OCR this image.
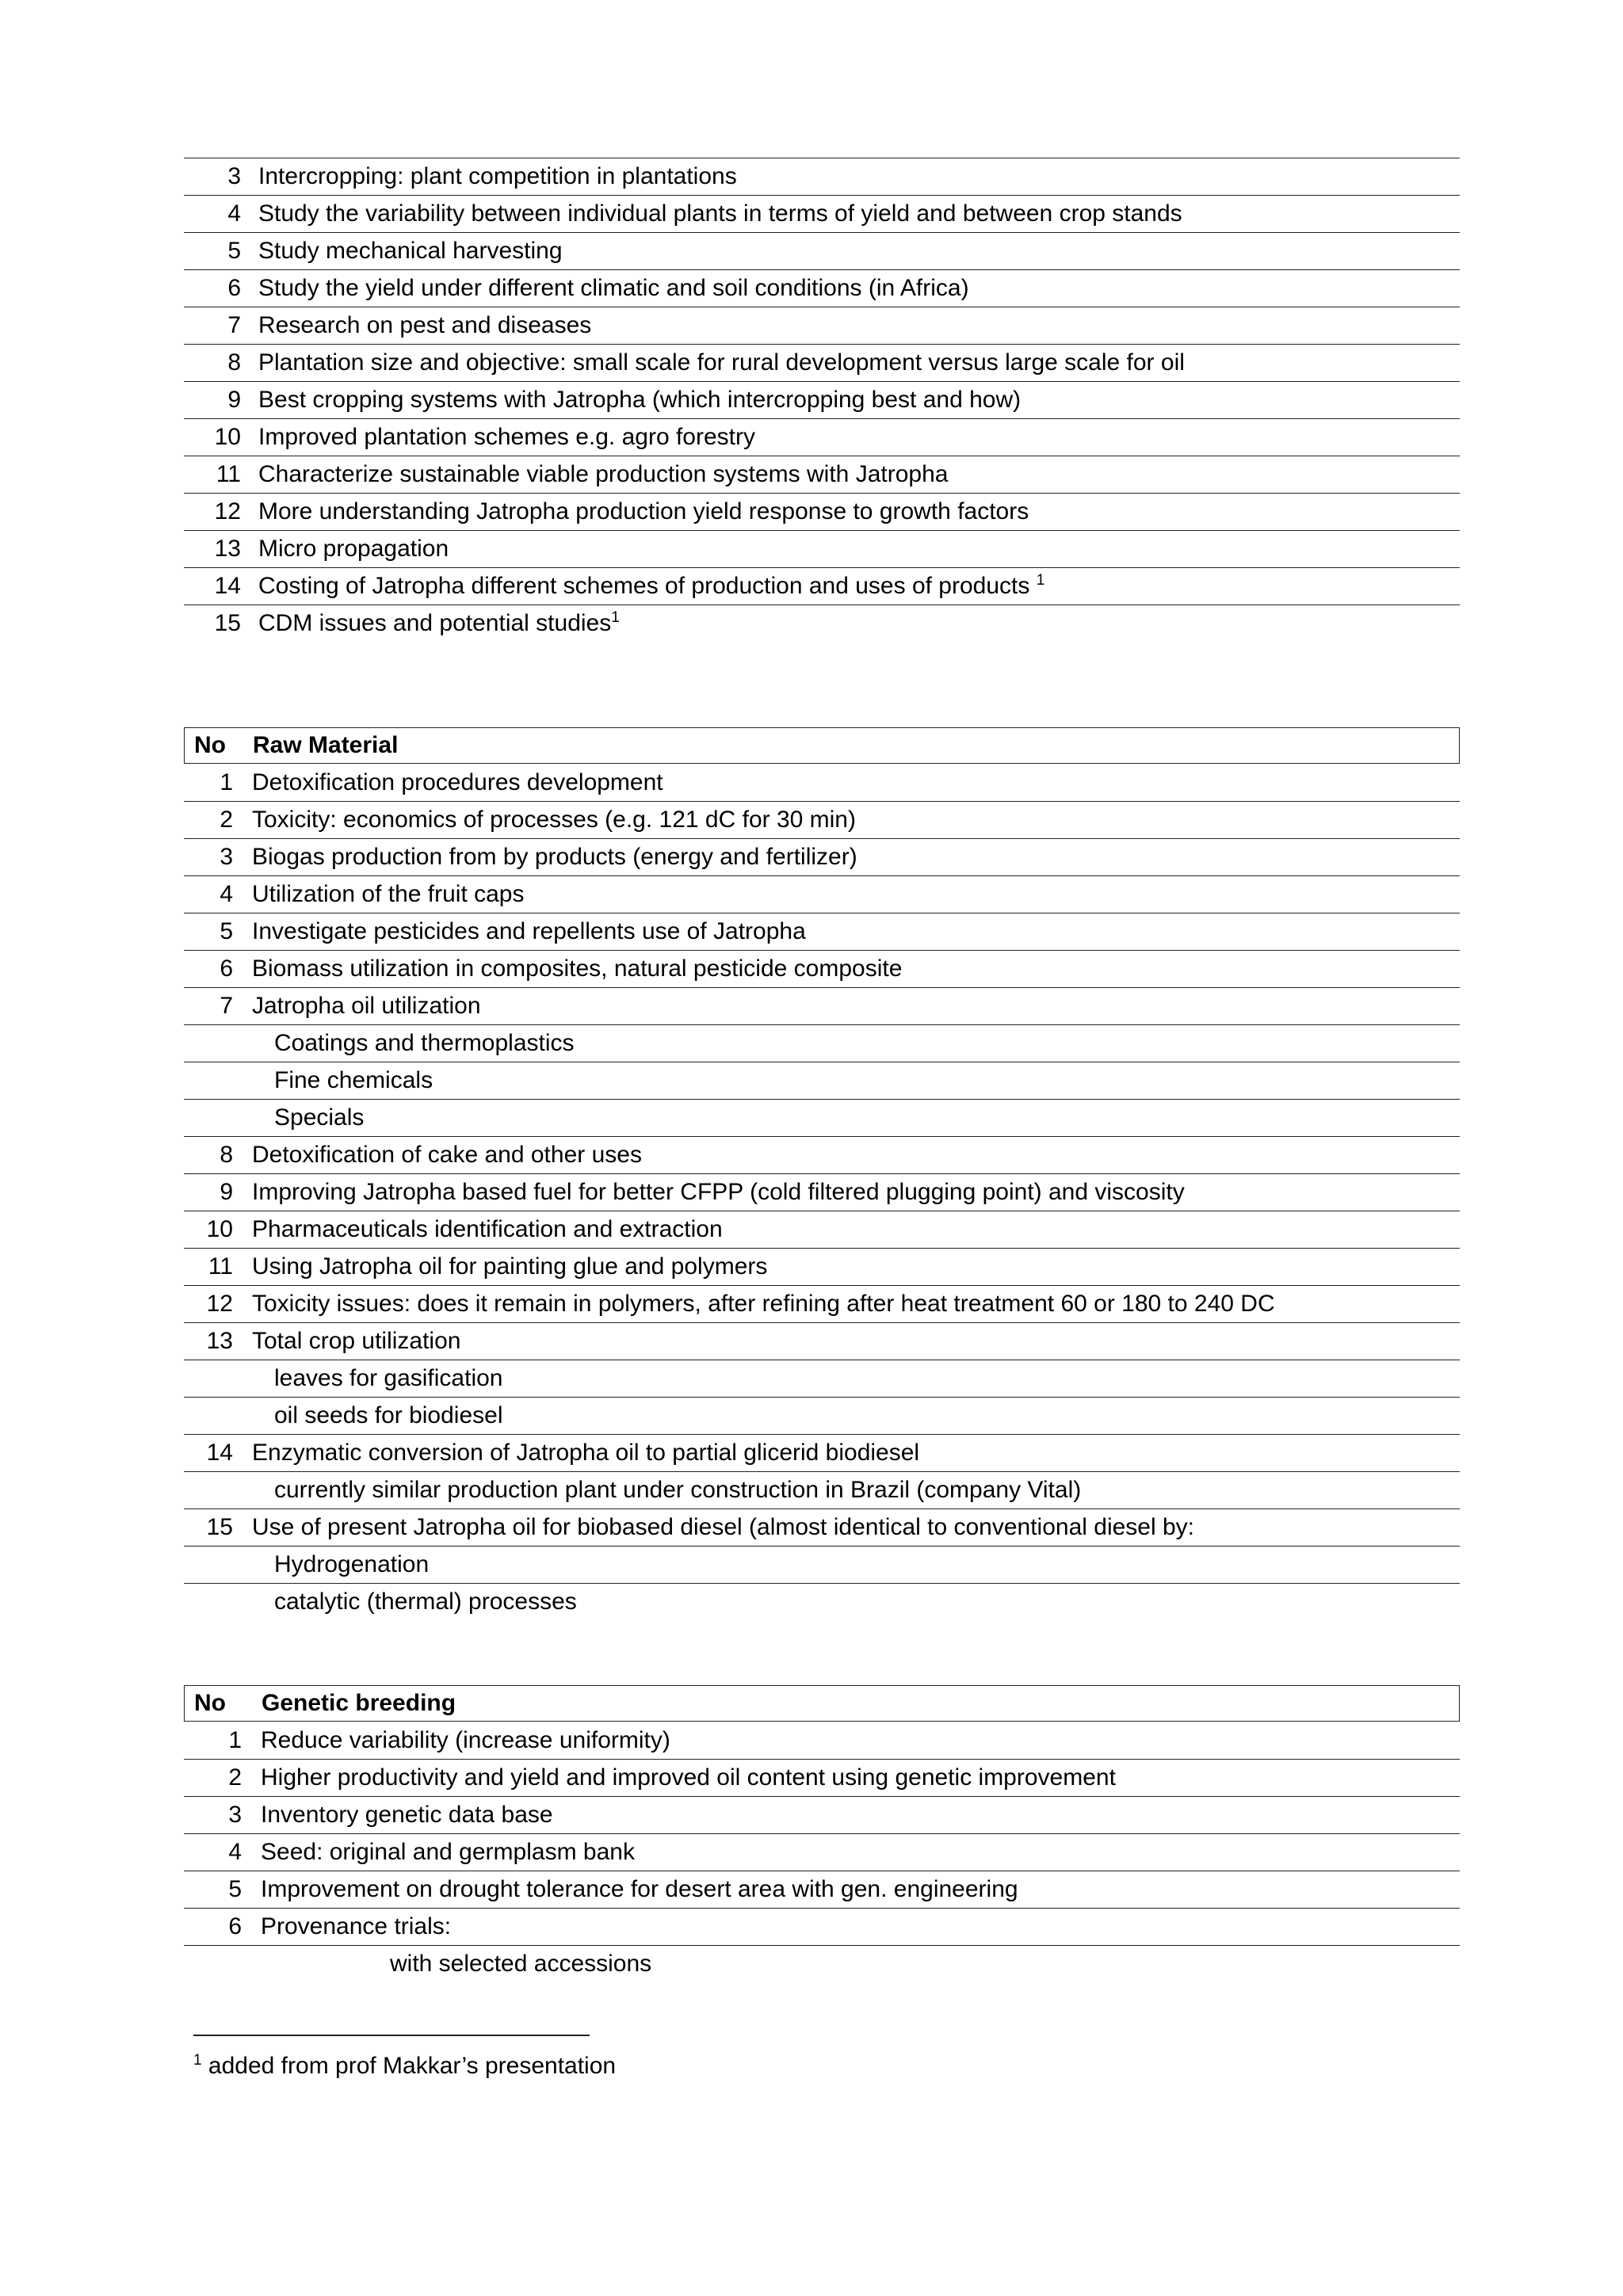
3 Intercropping: plant competition in plantations
4 Study the variability between individual plants in terms of yield and between crop stands
5 Study mechanical harvesting
6 Study the yield under different climatic and soil conditions (in Africa)
7 Research on pest and diseases
8 Plantation size and objective: small scale for rural development versus large scale for oil
9 Best cropping systems with Jatropha (which intercropping best and how)
10 Improved plantation schemes e.g. agro forestry
11 Characterize sustainable viable production systems with Jatropha
12 More understanding Jatropha production yield response to growth factors
13 Micro propagation
14 Costing of Jatropha different schemes of production and uses of products $^1$
15 CDM issues and potential studies$^1$
No Raw Material
1 Detoxification procedures development
2 Toxicity: economics of processes (e.g. 121 dC for 30 min)
3 Biogas production from by products (energy and fertilizer)
4 Utilization of the fruit caps
5 Investigate pesticides and repellents use of Jatropha
6 Biomass utilization in composites, natural pesticide composite
7 Jatropha oil utilization
Coatings and thermoplastics
Fine chemicals
Specials
8 Detoxification of cake and other uses
9 Improving Jatropha based fuel for better CFPP (cold filtered plugging point) and viscosity
10 Pharmaceuticals identification and extraction
11 Using Jatropha oil for painting glue and polymers
12 Toxicity issues: does it remain in polymers, after refining after heat treatment 60 or 180 to 240 DC
13 Total crop utilization
leaves for gasification
oil seeds for biodiesel
14 Enzymatic conversion of Jatropha oil to partial glicerid biodiesel
currently similar production plant under construction in Brazil (company Vital)
15 Use of present Jatropha oil for biobased diesel (almost identical to conventional diesel by:
Hydrogenation
catalytic (thermal) processes
No Genetic breeding
1 Reduce variability (increase uniformity)
2 Higher productivity and yield and improved oil content using genetic improvement
3 Inventory genetic data base
4 Seed: original and germplasm bank
5 Improvement on drought tolerance for desert area with gen. engineering
6 Provenance trials:
with selected accessions
$^1$ added from prof Makkar’s presentation
